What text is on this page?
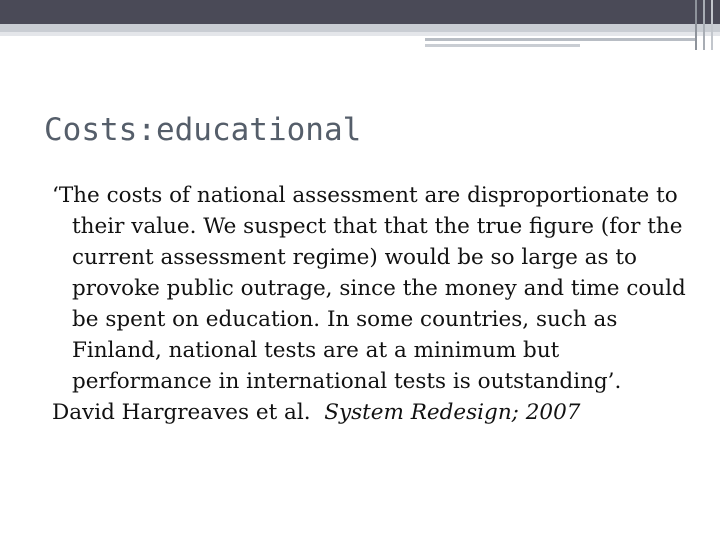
Costs:educational

‘The costs of national assessment are disproportionate to their value. We suspect that that the true figure (for the current assessment regime) would be so large as to provoke public outrage, since the money and time could be spent on education. In some countries, such as Finland, national tests are at a minimum but performance in international tests is outstanding’.

David Hargreaves et al. System Redesign; 2007
